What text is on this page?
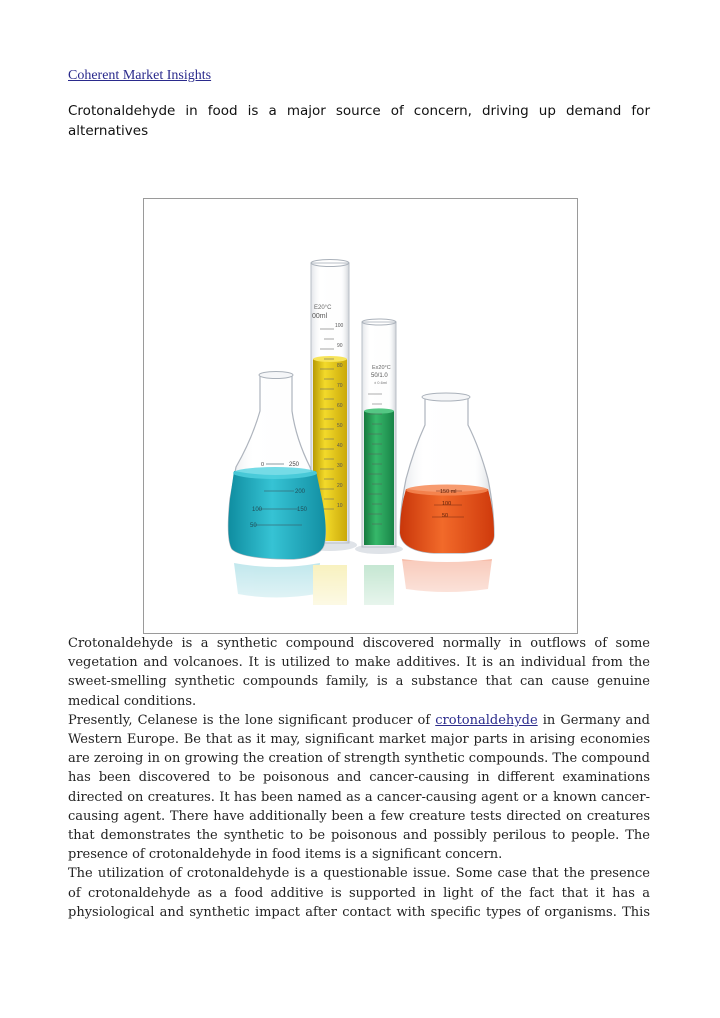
Coherent Market Insights
Crotonaldehyde in food is a major source of concern, driving up demand for alternatives
E20°C
00ml
100
90
80
70
60
50
40
30
20
10
Ex20°C
50/1.0
± 0.6ml
0	250
200
150
100
50
150 ml
100
50

Crotonaldehyde is a synthetic compound discovered normally in outflows of some vegetation and volcanoes. It is utilized to make additives. It is an individual from the sweet-smelling synthetic compounds family, is a substance that can cause genuine medical conditions.

Presently, Celanese is the lone significant producer of crotonaldehyde in Germany and Western Europe. Be that as it may, significant market major parts in arising economies are zeroing in on growing the creation of strength synthetic compounds. The compound has been discovered to be poisonous and cancer-causing in different examinations directed on creatures. It has been named as a cancer-causing agent or a known cancer-causing agent. There have additionally been a few creature tests directed on creatures that demonstrates the synthetic to be poisonous and possibly perilous to people. The presence of crotonaldehyde in food items is a significant concern.

The utilization of crotonaldehyde is a questionable issue. Some case that the presence of crotonaldehyde as a food additive is supported in light of the fact that it has a physiological and synthetic impact after contact with specific types of organisms. This
